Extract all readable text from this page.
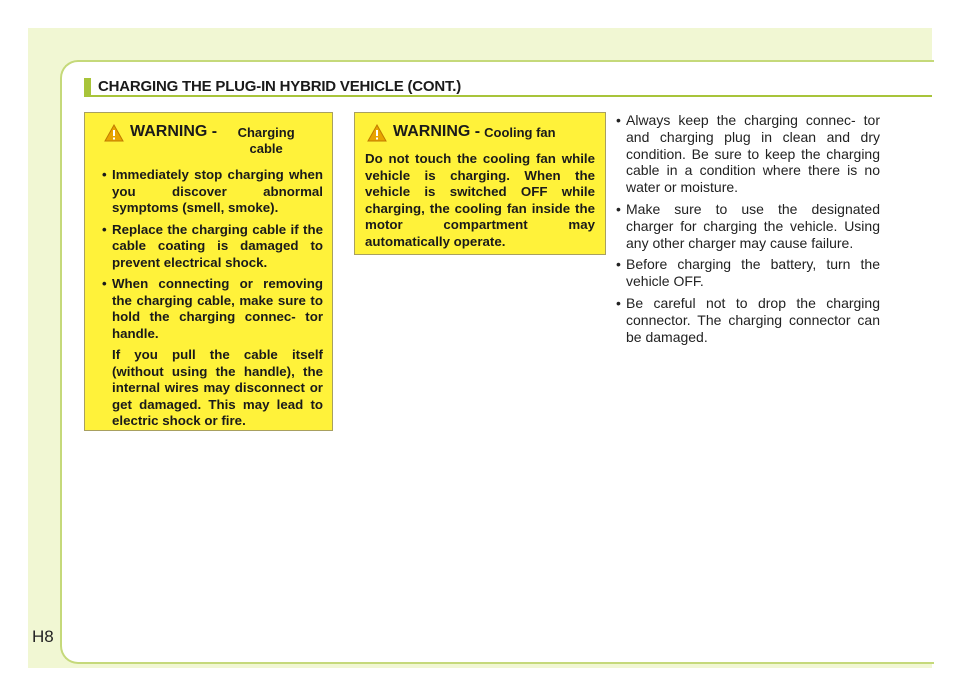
CHARGING THE PLUG-IN HYBRID VEHICLE (CONT.)
WARNING -	Charging cable
• Immediately stop charging when you discover abnormal symptoms (smell, smoke).
• Replace the charging cable if the cable coating is damaged to prevent electrical shock.
• When connecting or removing the charging cable, make sure to hold the charging connec- tor handle.

If you pull the cable itself (without using the handle), the internal wires may disconnect or get damaged. This may lead to electric shock or fire.

WARNING - Cooling fan
Do not touch the cooling fan while vehicle is charging. When the vehicle is switched OFF while charging, the cooling fan inside the motor compartment may automatically operate.
• Always keep the charging connec- tor and charging plug in clean and dry condition. Be sure to keep the charging cable in a condition where there is no water or moisture.
• Make sure to use the designated charger for charging the vehicle. Using any other charger may cause failure.
• Before charging the battery, turn the vehicle OFF.
• Be careful not to drop the charging connector. The charging connector can be damaged.
H8
